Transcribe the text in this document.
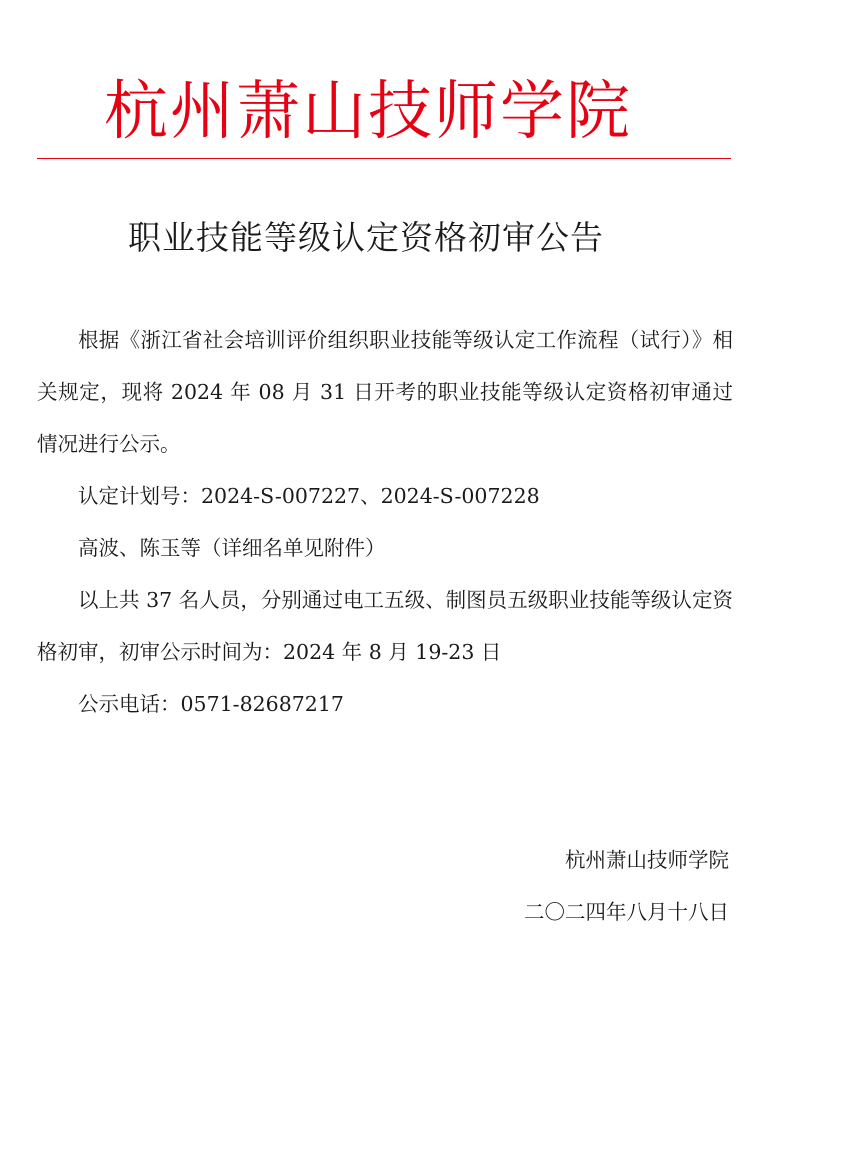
杭州萧山技师学院
职业技能等级认定资格初审公告

根据《浙江省社会培训评价组织职业技能等级认定工作流程（试行）》相关规定，现将 2024 年 08 月 31 日开考的职业技能等级认定资格初审通过情况进行公示。

认定计划号：2024-S-007227、2024-S-007228

高波、陈玉等（详细名单见附件）

以上共 37 名人员，分别通过电工五级、制图员五级职业技能等级认定资格初审，初审公示时间为：2024 年 8 月 19-23 日

公示电话：0571-82687217

杭州萧山技师学院
二〇二四年八月十八日
